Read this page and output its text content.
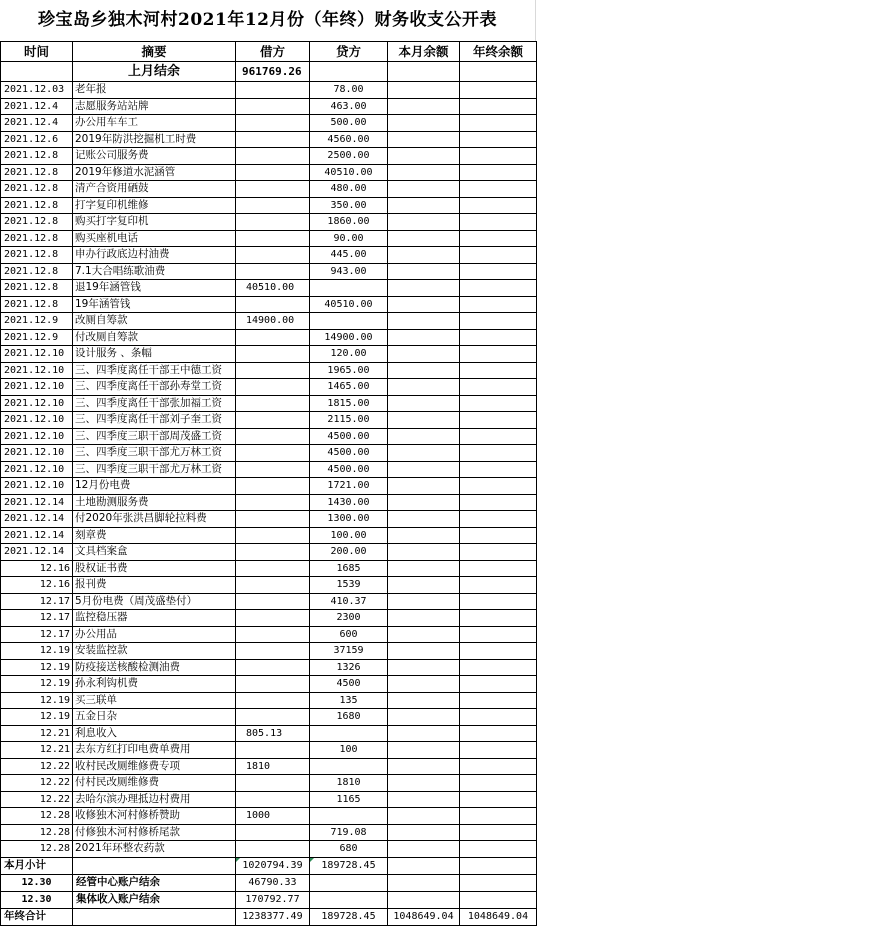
珍宝岛乡独木河村2021年12月份（年终）财务收支公开表
时间	摘要	借方	贷方	本月余额	年终余额
	上月结余	961769.26			
2021.12.03	老年报		78.00		
2021.12.4	志愿服务站站牌		463.00		
2021.12.4	办公用车车工		500.00		
2021.12.6	2019年防洪挖掘机工时费		4560.00		
2021.12.8	记账公司服务费		2500.00		
2021.12.8	2019年修道水泥涵管		40510.00		
2021.12.8	清产合资用硒鼓		480.00		
2021.12.8	打字复印机维修		350.00		
2021.12.8	购买打字复印机		1860.00		
2021.12.8	购买座机电话		90.00		
2021.12.8	申办行政底边村油费		445.00		
2021.12.8	7.1大合唱练歌油费		943.00		
2021.12.8	退19年涵管钱	40510.00			
2021.12.8	19年涵管钱		40510.00		
2021.12.9	改厕自筹款	14900.00			
2021.12.9	付改厕自筹款		14900.00		
2021.12.10	设计服务 、条幅		120.00		
2021.12.10	三、四季度离任干部王中德工资		1965.00		
2021.12.10	三、四季度离任干部孙寿堂工资		1465.00		
2021.12.10	三、四季度离任干部张加福工资		1815.00		
2021.12.10	三、四季度离任干部刘子奎工资		2115.00		
2021.12.10	三、四季度三职干部周茂盛工资		4500.00		
2021.12.10	三、四季度三职干部尤万林工资		4500.00		
2021.12.10	三、四季度三职干部尤万林工资		4500.00		
2021.12.10	12月份电费		1721.00		
2021.12.14	土地勘测服务费		1430.00		
2021.12.14	付2020年张洪昌脚轮拉料费		1300.00		
2021.12.14	刻章费		100.00		
2021.12.14	文具档案盒		200.00		
12.16	股权证书费		1685		
12.16	报刊费		1539		
12.17	5月份电费（周茂盛垫付）		410.37		
12.17	监控稳压器		2300		
12.17	办公用品		600		
12.19	安装监控款		37159		
12.19	防疫接送核酸检测油费		1326		
12.19	孙永利钩机费		4500		
12.19	买三联单		135		
12.19	五金日杂		1680		
12.21	利息收入	805.13			
12.21	去东方红打印电费单费用		100		
12.22	收村民改厕维修费专项	1810			
12.22	付村民改厕维修费		1810		
12.22	去哈尔滨办理抵边村费用		1165		
12.28	收修独木河村修桥赞助	1000			
12.28	付修独木河村修桥尾款		719.08		
12.28	2021年环整农药款		680		
本月小计		1020794.39	189728.45		
12.30	经管中心账户结余	46790.33			
12.30	集体收入账户结余	170792.77			
年终合计		1238377.49	189728.45	1048649.04	1048649.04
